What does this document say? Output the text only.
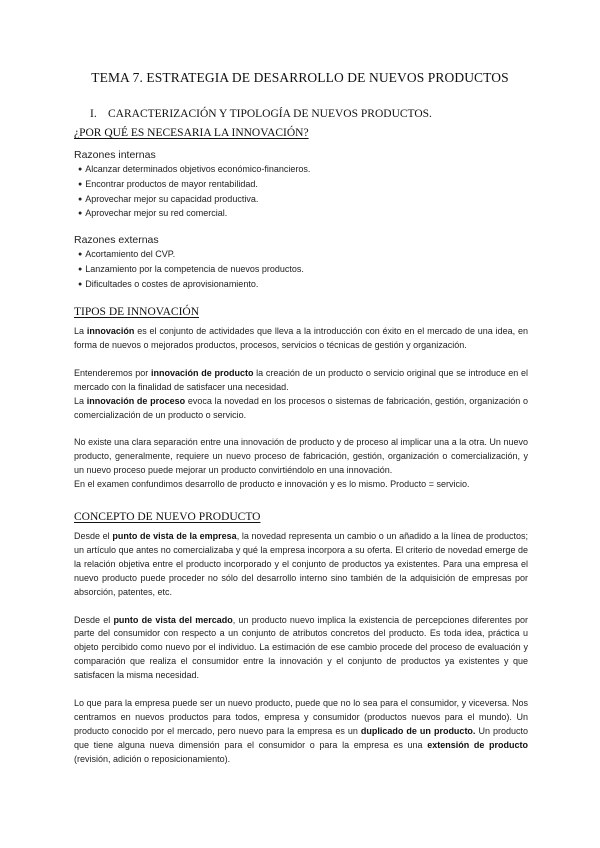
TEMA 7. ESTRATEGIA DE DESARROLLO DE NUEVOS PRODUCTOS
I. CARACTERIZACIÓN Y TIPOLOGÍA DE NUEVOS PRODUCTOS.
¿POR QUÉ ES NECESARIA LA INNOVACIÓN?
Razones internas
● Alcanzar determinados objetivos económico-financieros.
● Encontrar productos de mayor rentabilidad.
● Aprovechar mejor su capacidad productiva.
● Aprovechar mejor su red comercial.
Razones externas
● Acortamiento del CVP.
● Lanzamiento por la competencia de nuevos productos.
● Dificultades o costes de aprovisionamiento.
TIPOS DE INNOVACIÓN

La innovación es el conjunto de actividades que lleva a la introducción con éxito en el mercado de una idea, en forma de nuevos o mejorados productos, procesos, servicios o técnicas de gestión y organización.

Entenderemos por innovación de producto la creación de un producto o servicio original que se introduce en el mercado con la finalidad de satisfacer una necesidad.

La innovación de proceso evoca la novedad en los procesos o sistemas de fabricación, gestión, organización o comercialización de un producto o servicio.

No existe una clara separación entre una innovación de producto y de proceso al implicar una a la otra. Un nuevo producto, generalmente, requiere un nuevo proceso de fabricación, gestión, organización o comercialización, y un nuevo proceso puede mejorar un producto convirtiéndolo en una innovación.

En el examen confundimos desarrollo de producto e innovación y es lo mismo. Producto = servicio.

CONCEPTO DE NUEVO PRODUCTO

Desde el punto de vista de la empresa, la novedad representa un cambio o un añadido a la línea de productos; un artículo que antes no comercializaba y qué la empresa incorpora a su oferta. El criterio de novedad emerge de la relación objetiva entre el producto incorporado y el conjunto de productos ya existentes. Para una empresa el nuevo producto puede proceder no sólo del desarrollo interno sino también de la adquisición de empresas por absorción, patentes, etc.

Desde el punto de vista del mercado, un producto nuevo implica la existencia de percepciones diferentes por parte del consumidor con respecto a un conjunto de atributos concretos del producto. Es toda idea, práctica u objeto percibido como nuevo por el individuo. La estimación de ese cambio procede del proceso de evaluación y comparación que realiza el consumidor entre la innovación y el conjunto de productos ya existentes y que satisfacen la misma necesidad.

Lo que para la empresa puede ser un nuevo producto, puede que no lo sea para el consumidor, y viceversa. Nos centramos en nuevos productos para todos, empresa y consumidor (productos nuevos para el mundo). Un producto conocido por el mercado, pero nuevo para la empresa es un duplicado de un producto. Un producto que tiene alguna nueva dimensión para el consumidor o para la empresa es una extensión de producto (revisión, adición o reposicionamiento).
